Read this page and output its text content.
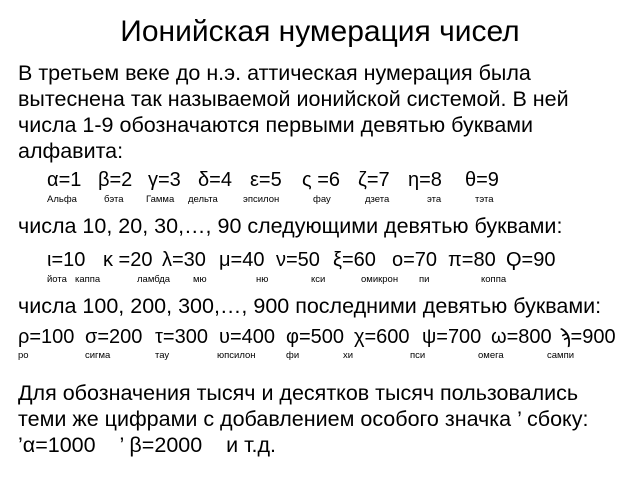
Ионийская нумерация чисел
В третьем веке до н.э. аттическая нумерация была
вытеснена так называемой ионийской системой. В ней
числа 1-9 обозначаются первыми девятью буквами
алфавита:
α=1 β=2 γ=3 δ=4 ε=5 ς =6 ζ=7 η=8 θ=9
Альфа	бэта Гамма дельта	эпсилон	фау	дзета	эта	тэта
числа 10, 20, 30,…, 90 следующими девятью буквами:
ι=10 κ =20 λ=30 μ=40 ν=50 ξ=60 ο=70 π=80 Ϙ=90
йота каппа	ламбда мю	ню	кси	омикрон пи	коппа
числа 100, 200, 300,…, 900 последними девятью буквами:
ρ=100 σ=200 τ=300 υ=400 φ=500 χ=600 ψ=700 ω=800 ϡ=900
ро	сигма	тау	юпсилон	фи	хи	пси	омега	сампи
Для обозначения тысяч и десятков тысяч пользовались
теми же цифрами с добавлением особого значка ’ сбоку:
’α=1000    ’ β=2000    и т.д.
